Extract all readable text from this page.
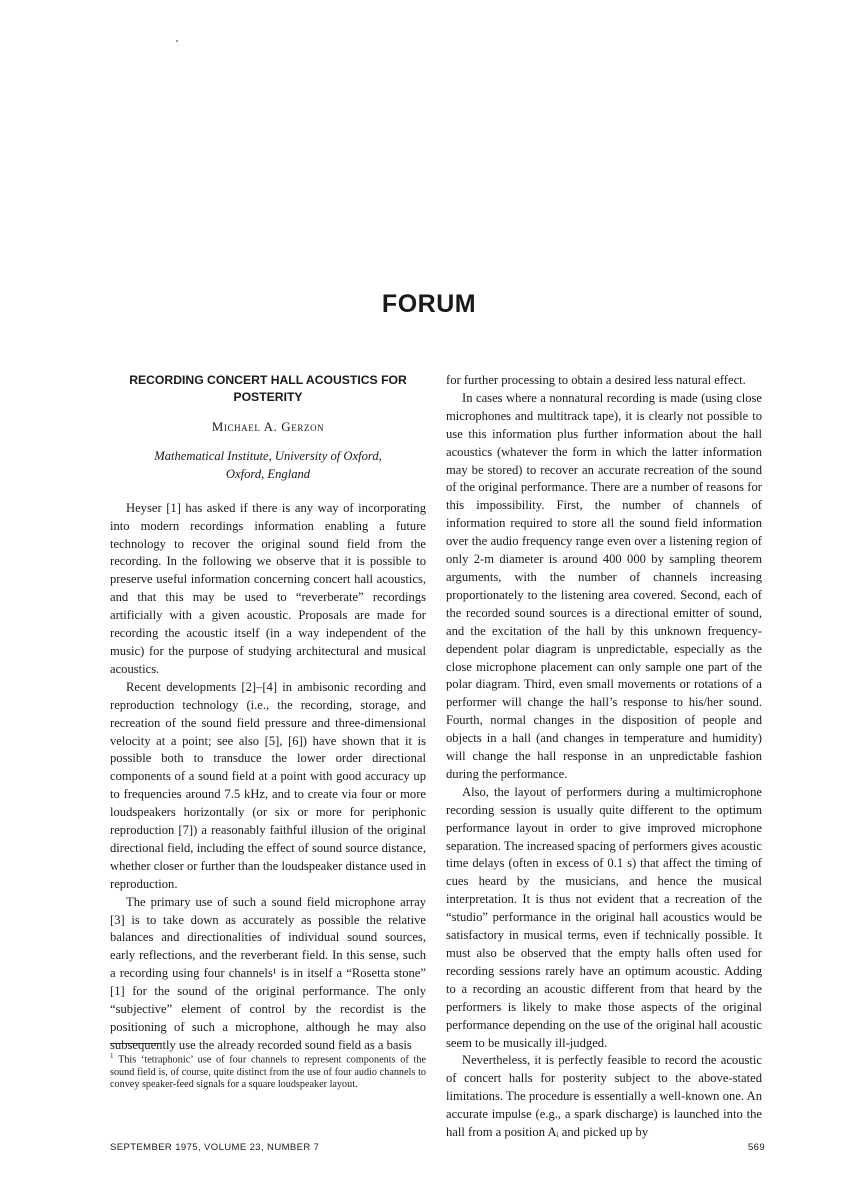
FORUM
RECORDING CONCERT HALL ACOUSTICS FOR
POSTERITY
Michael A. Gerzon
Mathematical Institute, University of Oxford,
Oxford, England

Heyser [1] has asked if there is any way of incorporating into modern recordings information enabling a future technology to recover the original sound field from the recording. In the following we observe that it is possible to preserve useful information concerning concert hall acoustics, and that this may be used to “reverberate” recordings artificially with a given acoustic. Proposals are made for recording the acoustic itself (in a way independent of the music) for the purpose of studying architectural and musical acoustics.

Recent developments [2]–[4] in ambisonic recording and reproduction technology (i.e., the recording, storage, and recreation of the sound field pressure and three-dimensional velocity at a point; see also [5], [6]) have shown that it is possible both to transduce the lower order directional components of a sound field at a point with good accuracy up to frequencies around 7.5 kHz, and to create via four or more loudspeakers horizontally (or six or more for periphonic reproduction [7]) a reasonably faithful illusion of the original directional field, including the effect of sound source distance, whether closer or further than the loudspeaker distance used in reproduction.

The primary use of such a sound field microphone array [3] is to take down as accurately as possible the relative balances and directionalities of individual sound sources, early reflections, and the reverberant field. In this sense, such a recording using four channels¹ is in itself a “Rosetta stone” [1] for the sound of the original performance. The only “subjective” element of control by the recordist is the positioning of such a microphone, although he may also subsequently use the already recorded sound field as a basis

for further processing to obtain a desired less natural effect.

In cases where a nonnatural recording is made (using close microphones and multitrack tape), it is clearly not possible to use this information plus further information about the hall acoustics (whatever the form in which the latter information may be stored) to recover an accurate recreation of the sound of the original performance. There are a number of reasons for this impossibility. First, the number of channels of information required to store all the sound field information over the audio frequency range even over a listening region of only 2-m diameter is around 400 000 by sampling theorem arguments, with the number of channels increasing proportionately to the listening area covered. Second, each of the recorded sound sources is a directional emitter of sound, and the excitation of the hall by this unknown frequency-dependent polar diagram is unpredictable, especially as the close microphone placement can only sample one part of the polar diagram. Third, even small movements or rotations of a performer will change the hall’s response to his/her sound. Fourth, normal changes in the disposition of people and objects in a hall (and changes in temperature and humidity) will change the hall response in an unpredictable fashion during the performance.

Also, the layout of performers during a multimicrophone recording session is usually quite different to the optimum performance layout in order to give improved microphone separation. The increased spacing of performers gives acoustic time delays (often in excess of 0.1 s) that affect the timing of cues heard by the musicians, and hence the musical interpretation. It is thus not evident that a recreation of the “studio” performance in the original hall acoustics would be satisfactory in musical terms, even if technically possible. It must also be observed that the empty halls often used for recording sessions rarely have an optimum acoustic. Adding to a recording an acoustic different from that heard by the performers is likely to make those aspects of the original performance depending on the use of the original hall acoustic seem to be musically ill-judged.

Nevertheless, it is perfectly feasible to record the acoustic of concert halls for posterity subject to the above-stated limitations. The procedure is essentially a well-known one. An accurate impulse (e.g., a spark discharge) is launched into the hall from a position Aᵢ and picked up by

$^1$ This ‘tetraphonic’ use of four channels to represent components of the sound field is, of course, quite distinct from the use of four audio channels to convey speaker-feed signals for a square loudspeaker layout.
SEPTEMBER 1975, VOLUME 23, NUMBER 7	569
